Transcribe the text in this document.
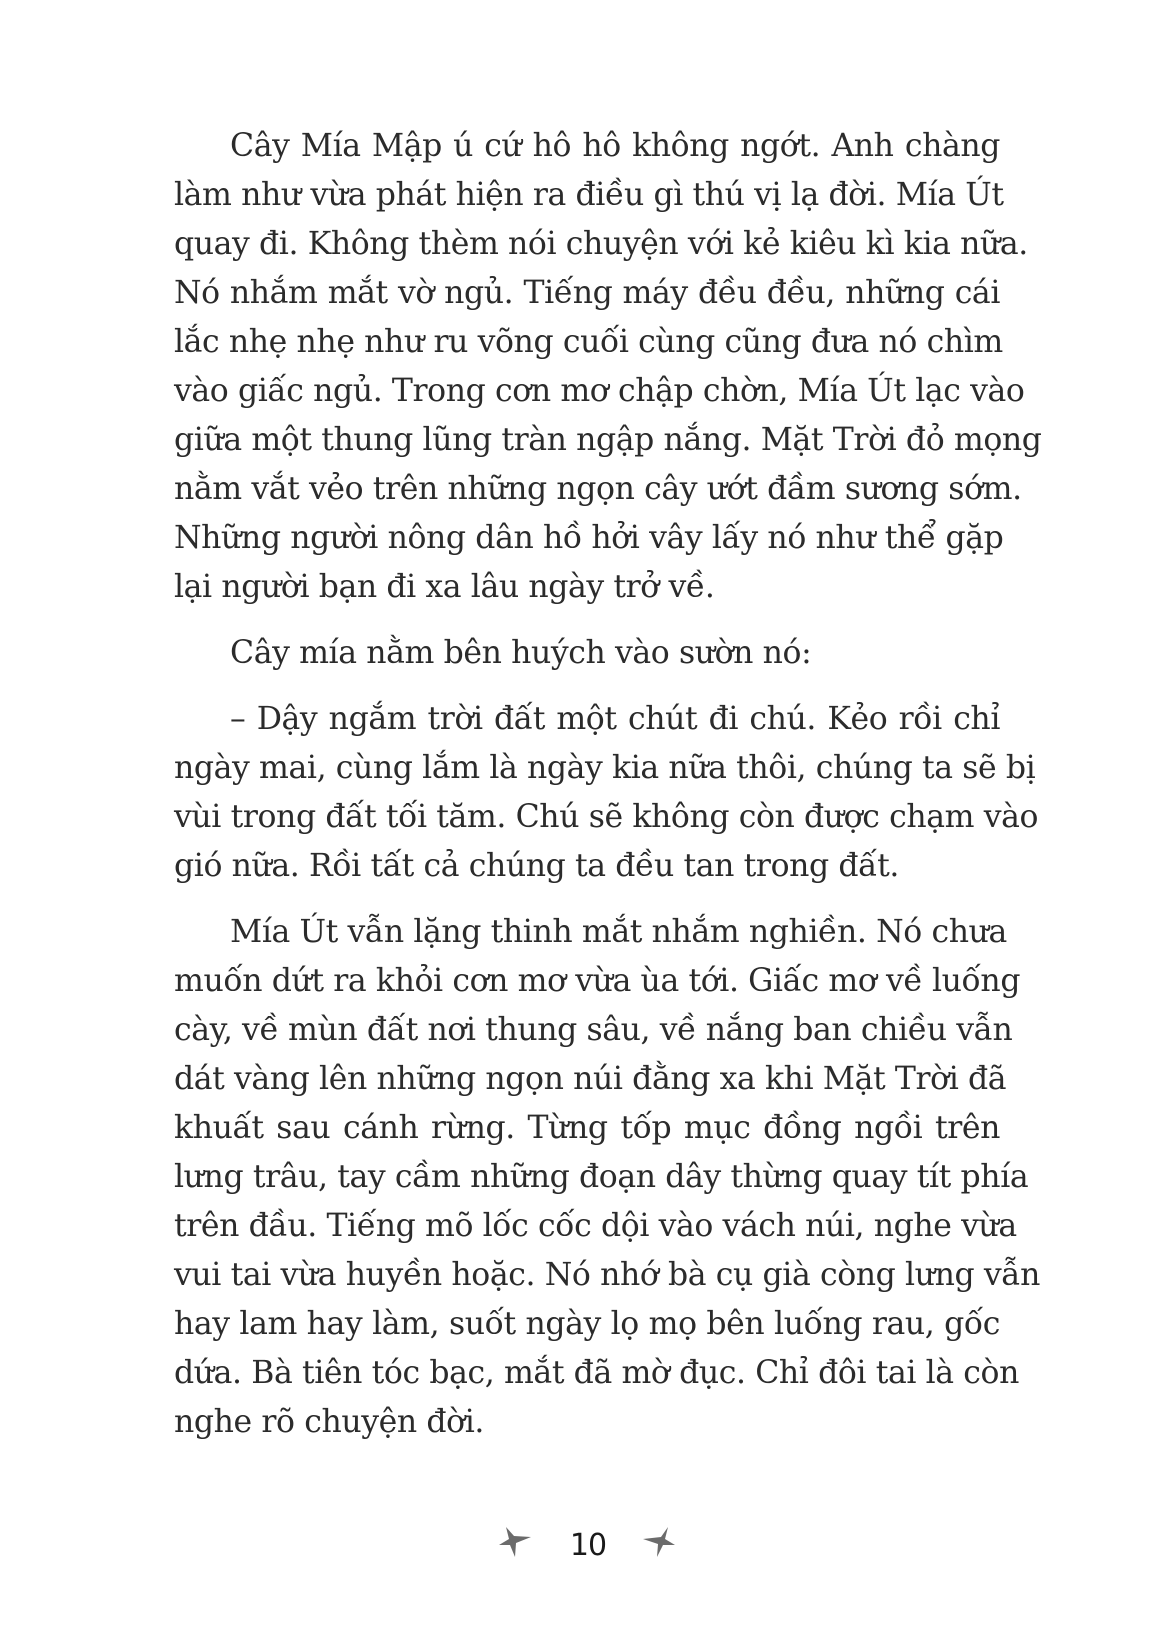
Cây Mía Mập ú cứ hô hô không ngớt. Anh chàng
làm như vừa phát hiện ra điều gì thú vị lạ đời. Mía Út
quay đi. Không thèm nói chuyện với kẻ kiêu kì kia nữa.
Nó nhắm mắt vờ ngủ. Tiếng máy đều đều, những cái
lắc nhẹ nhẹ như ru võng cuối cùng cũng đưa nó chìm
vào giấc ngủ. Trong cơn mơ chập chờn, Mía Út lạc vào
giữa một thung lũng tràn ngập nắng. Mặt Trời đỏ mọng
nằm vắt vẻo trên những ngọn cây ướt đầm sương sớm.
Những người nông dân hồ hởi vây lấy nó như thể gặp
lại người bạn đi xa lâu ngày trở về.

Cây mía nằm bên huých vào sườn nó:

– Dậy ngắm trời đất một chút đi chú. Kẻo rồi chỉ
ngày mai, cùng lắm là ngày kia nữa thôi, chúng ta sẽ bị
vùi trong đất tối tăm. Chú sẽ không còn được chạm vào
gió nữa. Rồi tất cả chúng ta đều tan trong đất.

Mía Út vẫn lặng thinh mắt nhắm nghiền. Nó chưa
muốn dứt ra khỏi cơn mơ vừa ùa tới. Giấc mơ về luống
cày, về mùn đất nơi thung sâu, về nắng ban chiều vẫn
dát vàng lên những ngọn núi đằng xa khi Mặt Trời đã
khuất sau cánh rừng. Từng tốp mục đồng ngồi trên
lưng trâu, tay cầm những đoạn dây thừng quay tít phía
trên đầu. Tiếng mõ lốc cốc dội vào vách núi, nghe vừa
vui tai vừa huyền hoặc. Nó nhớ bà cụ già còng lưng vẫn
hay lam hay làm, suốt ngày lọ mọ bên luống rau, gốc
dứa. Bà tiên tóc bạc, mắt đã mờ đục. Chỉ đôi tai là còn
nghe rõ chuyện đời.

10
